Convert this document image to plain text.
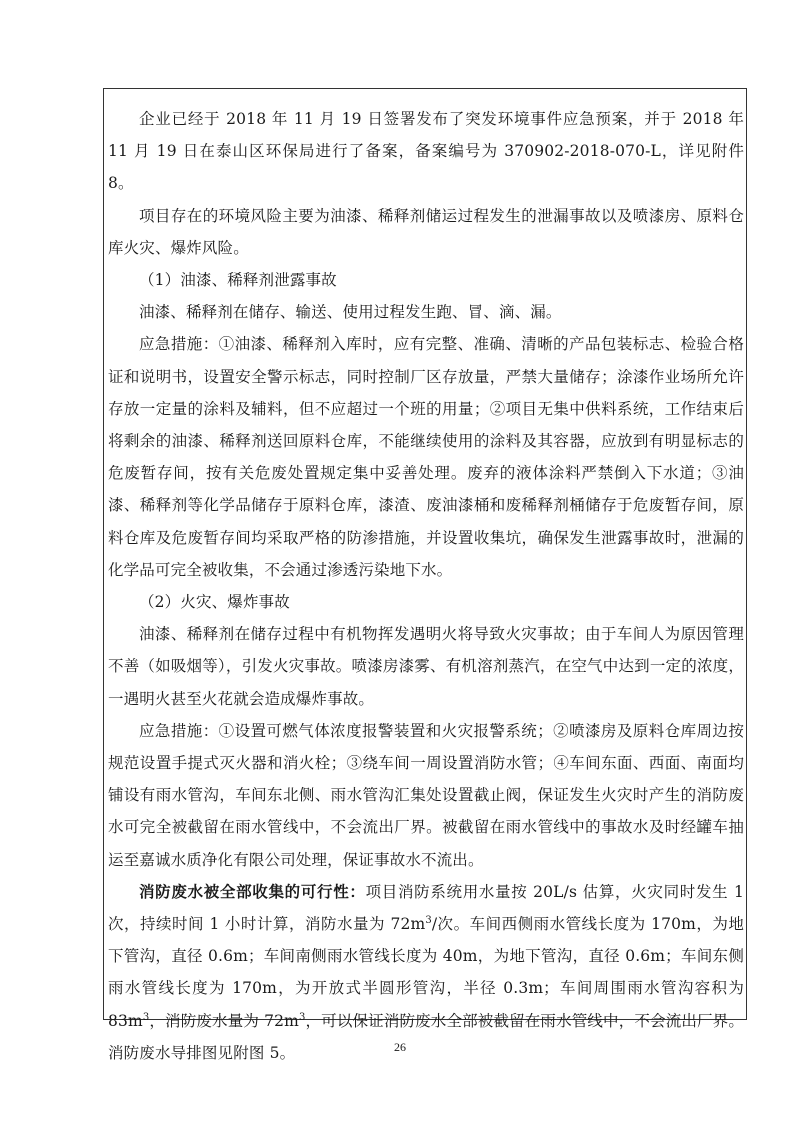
企业已经于 2018 年 11 月 19 日签署发布了突发环境事件应急预案，并于 2018 年 11 月 19 日在泰山区环保局进行了备案，备案编号为 370902-2018-070-L，详见附件 8。

项目存在的环境风险主要为油漆、稀释剂储运过程发生的泄漏事故以及喷漆房、原料仓库火灾、爆炸风险。

（1）油漆、稀释剂泄露事故

油漆、稀释剂在储存、输送、使用过程发生跑、冒、滴、漏。

应急措施：①油漆、稀释剂入库时，应有完整、准确、清晰的产品包装标志、检验合格证和说明书，设置安全警示标志，同时控制厂区存放量，严禁大量储存；涂漆作业场所允许存放一定量的涂料及辅料，但不应超过一个班的用量；②项目无集中供料系统，工作结束后将剩余的油漆、稀释剂送回原料仓库，不能继续使用的涂料及其容器，应放到有明显标志的危废暂存间，按有关危废处置规定集中妥善处理。废弃的液体涂料严禁倒入下水道；③油漆、稀释剂等化学品储存于原料仓库，漆渣、废油漆桶和废稀释剂桶储存于危废暂存间，原料仓库及危废暂存间均采取严格的防渗措施，并设置收集坑，确保发生泄露事故时，泄漏的化学品可完全被收集，不会通过渗透污染地下水。

（2）火灾、爆炸事故

油漆、稀释剂在储存过程中有机物挥发遇明火将导致火灾事故；由于车间人为原因管理不善（如吸烟等），引发火灾事故。喷漆房漆雾、有机溶剂蒸汽，在空气中达到一定的浓度，一遇明火甚至火花就会造成爆炸事故。

应急措施：①设置可燃气体浓度报警装置和火灾报警系统；②喷漆房及原料仓库周边按规范设置手提式灭火器和消火栓；③绕车间一周设置消防水管；④车间东面、西面、南面均铺设有雨水管沟，车间东北侧、雨水管沟汇集处设置截止阀，保证发生火灾时产生的消防废水可完全被截留在雨水管线中，不会流出厂界。被截留在雨水管线中的事故水及时经罐车抽运至嘉诚水质净化有限公司处理，保证事故水不流出。

消防废水被全部收集的可行性：项目消防系统用水量按 20L/s 估算，火灾同时发生 1 次，持续时间 1 小时计算，消防水量为 $72m^3/$次。车间西侧雨水管线长度为 170m，为地下管沟，直径 0.6m；车间南侧雨水管线长度为 40m，为地下管沟，直径 0.6m；车间东侧雨水管线长度为 170m，为开放式半圆形管沟，半径 0.3m；车间周围雨水管沟容积为 $83m^3$，消防废水量为 $72m^3$，可以保证消防废水全部被截留在雨水管线中，不会流出厂界。消防废水导排图见附图 5。	26
